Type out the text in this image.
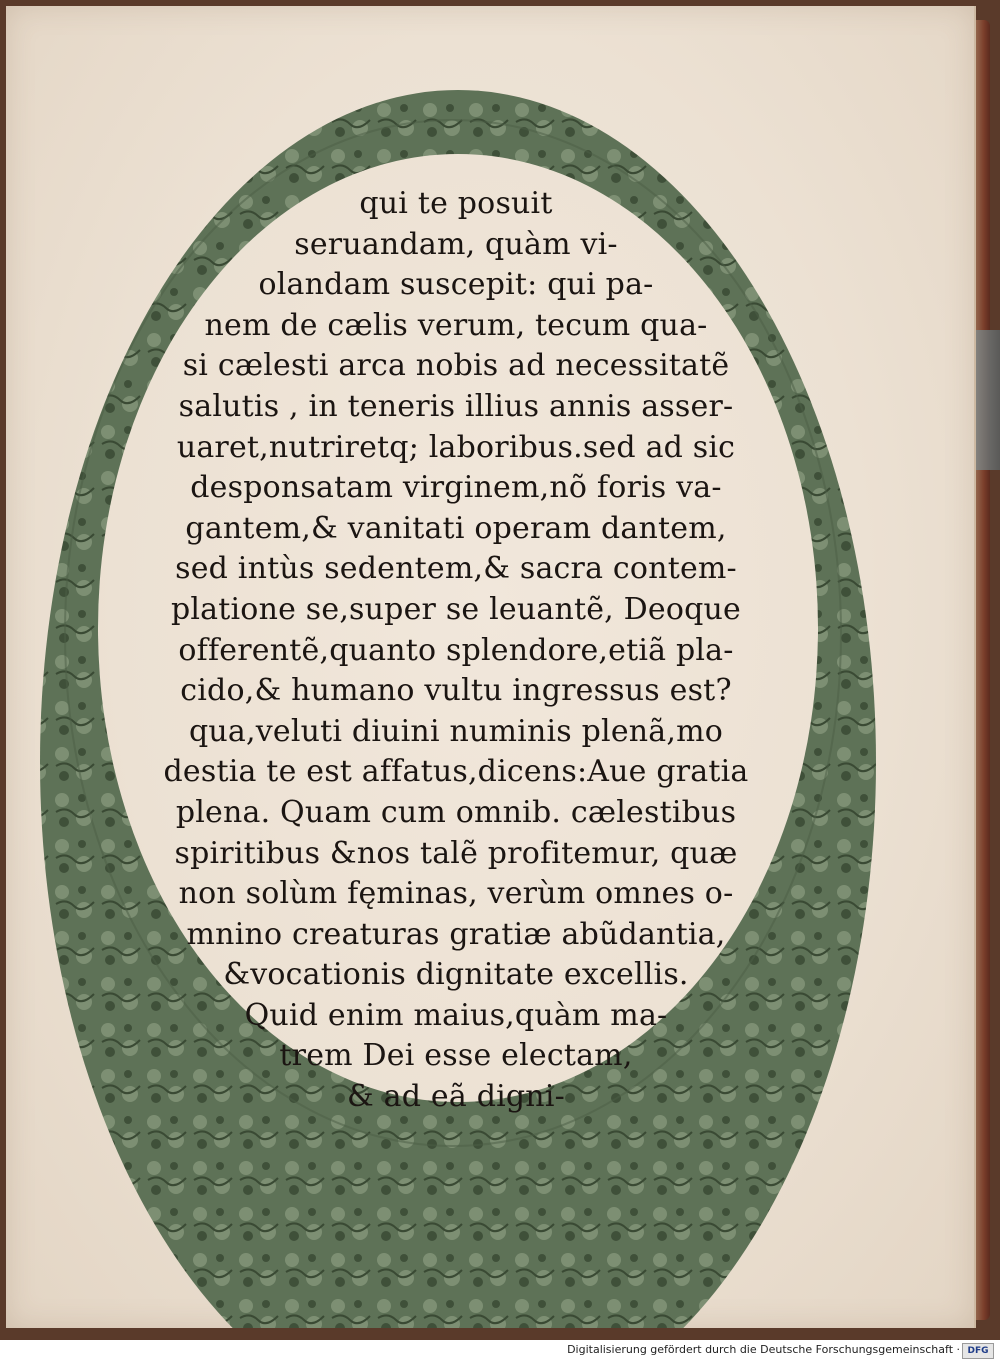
qui te posuit
seruandam, quàm vi-
olandam suscepit: qui pa-
nem de cælis verum, tecum qua-
si cælesti arca nobis ad necessitatẽ
salutis , in teneris illius annis asser-
uaret,nutriretq; laboribus.sed ad sic
desponsatam virginem,nõ foris va-
gantem,& vanitati operam dantem,
sed intùs sedentem,& sacra contem-
platione se,super se leuantẽ, Deoque
offerentẽ,quanto splendore,etiã pla-
cido,& humano vultu ingressus est?
qua,veluti diuini numinis plenã,mo
destia te est affatus,dicens:Aue gratia
plena. Quam cum omnib. cælestibus
spiritibus &nos talẽ profitemur, quæ
non solùm fęminas, verùm omnes o-
mnino creaturas gratiæ abũdantia,
&vocationis dignitate excellis.
Quid enim maius,quàm ma-
trem Dei esse electam,
& ad eã digni-
Digitalisierung gefördert durch die Deutsche Forschungsgemeinschaft · DFG
